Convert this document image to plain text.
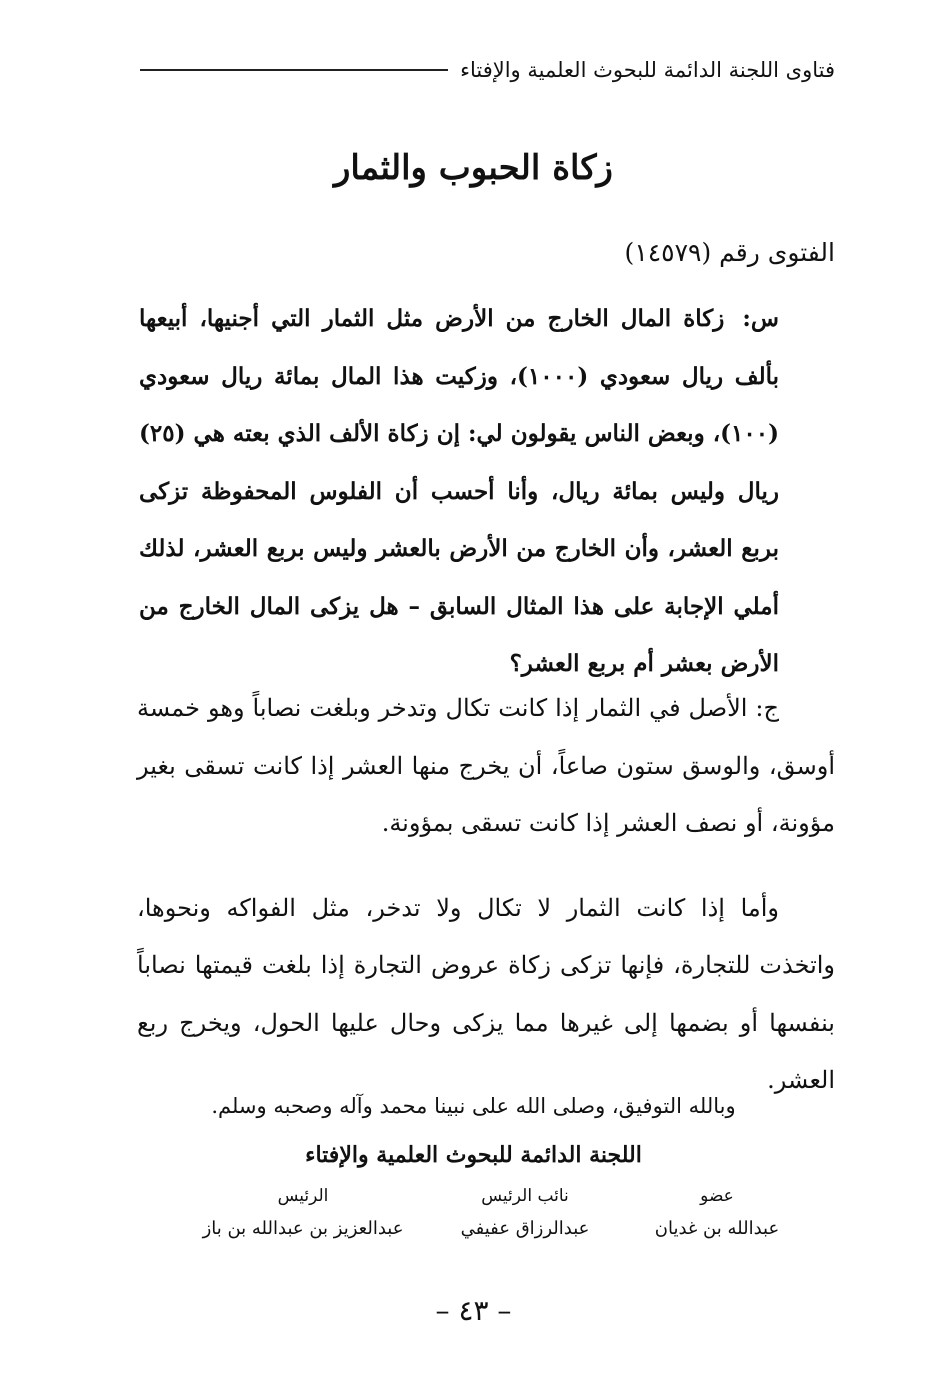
فتاوى اللجنة الدائمة للبحوث العلمية والإفتاء
زكاة الحبوب والثمار
الفتوى رقم (١٤٥٧٩)
س: زكاة المال الخارج من الأرض مثل الثمار التي أجنيها، أبيعها بألف ريال سعودي (١٠٠٠)، وزكيت هذا المال بمائة ريال سعودي (١٠٠)، وبعض الناس يقولون لي: إن زكاة الألف الذي بعته هي (٢٥) ريال وليس بمائة ريال، وأنا أحسب أن الفلوس المحفوظة تزكى بربع العشر، وأن الخارج من الأرض بالعشر وليس بربع العشر، لذلك أملي الإجابة على هذا المثال السابق – هل يزكى المال الخارج من الأرض بعشر أم بربع العشر؟

ج: الأصل في الثمار إذا كانت تكال وتدخر وبلغت نصاباً وهو خمسة أوسق، والوسق ستون صاعاً، أن يخرج منها العشر إذا كانت تسقى بغير مؤونة، أو نصف العشر إذا كانت تسقى بمؤونة.

وأما إذا كانت الثمار لا تكال ولا تدخر، مثل الفواكه ونحوها، واتخذت للتجارة، فإنها تزكى زكاة عروض التجارة إذا بلغت قيمتها نصاباً بنفسها أو بضمها إلى غيرها مما يزكى وحال عليها الحول، ويخرج ربع العشر.

وبالله التوفيق، وصلى الله على نبينا محمد وآله وصحبه وسلم.
اللجنة الدائمة للبحوث العلمية والإفتاء
عضو
عبدالله بن غديان
نائب الرئيس
عبدالرزاق عفيفي
الرئيس
عبدالعزيز بن عبدالله بن باز
– ٤٣ –
